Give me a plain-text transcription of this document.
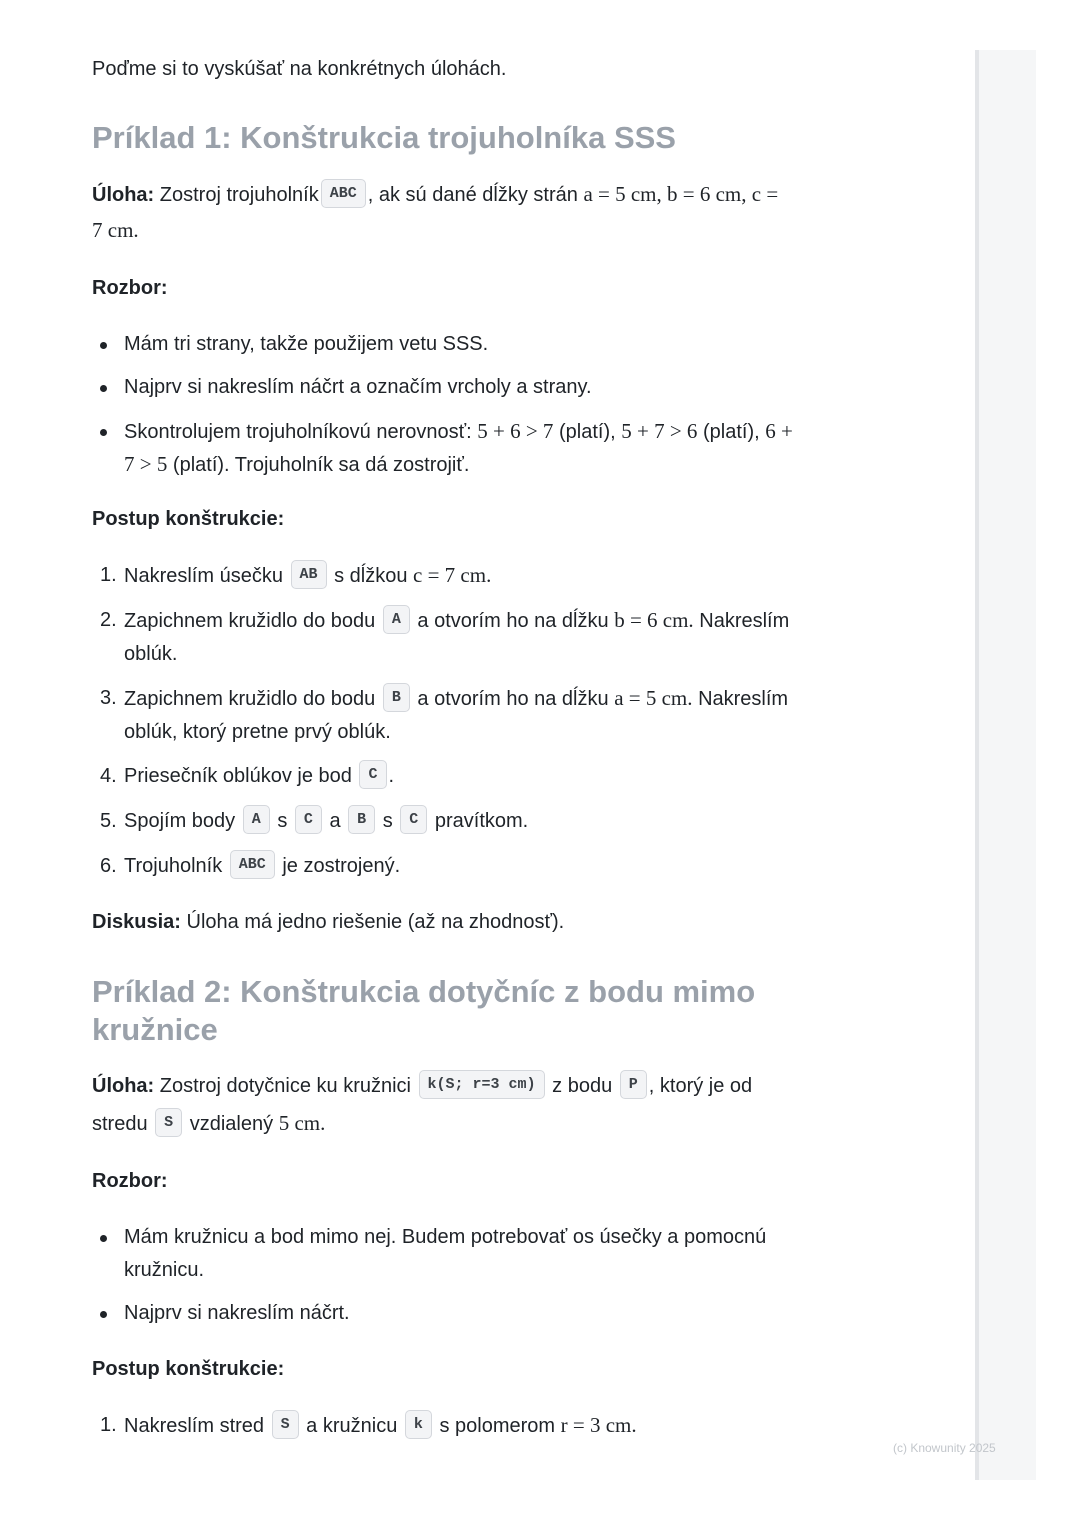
(c) Knowunity 2025

Poďme si to vyskúšať na konkrétnych úlohách.

Príklad 1: Konštrukcia trojuholníka SSS

Úloha: Zostroj trojuholník ABC , ak sú dané dĺžky strán a = 5 cm, b = 6 cm, c =

7 cm.

Rozbor:

Mám tri strany, takže použijem vetu SSS.
Najprv si nakreslím náčrt a označím vrcholy a strany.
Skontrolujem trojuholníkovú nerovnosť: 5 + 6 > 7 (platí), 5 + 7 > 6 (platí), 6 +
7 > 5 (platí). Trojuholník sa dá zostrojiť.

Postup konštrukcie:

1. Nakreslím úsečku AB s dĺžkou c = 7 cm.
2. Zapichnem kružidlo do bodu A a otvorím ho na dĺžku b = 6 cm. Nakreslím
oblúk.
3. Zapichnem kružidlo do bodu B a otvorím ho na dĺžku a = 5 cm. Nakreslím
oblúk, ktorý pretne prvý oblúk.
4. Priesečník oblúkov je bod C .
5. Spojím body A s C a B s C pravítkom.
6. Trojuholník ABC je zostrojený.

Diskusia: Úloha má jedno riešenie (až na zhodnosť).

Príklad 2: Konštrukcia dotyčníc z bodu mimo
kružnice

Úloha: Zostroj dotyčnice ku kružnici k(S; r=3 cm) z bodu P , ktorý je od

stredu S vzdialený 5 cm.

Rozbor:

Mám kružnicu a bod mimo nej. Budem potrebovať os úsečky a pomocnú
kružnicu.
Najprv si nakreslím náčrt.

Postup konštrukcie:

1. Nakreslím stred S a kružnicu k s polomerom r = 3 cm.
